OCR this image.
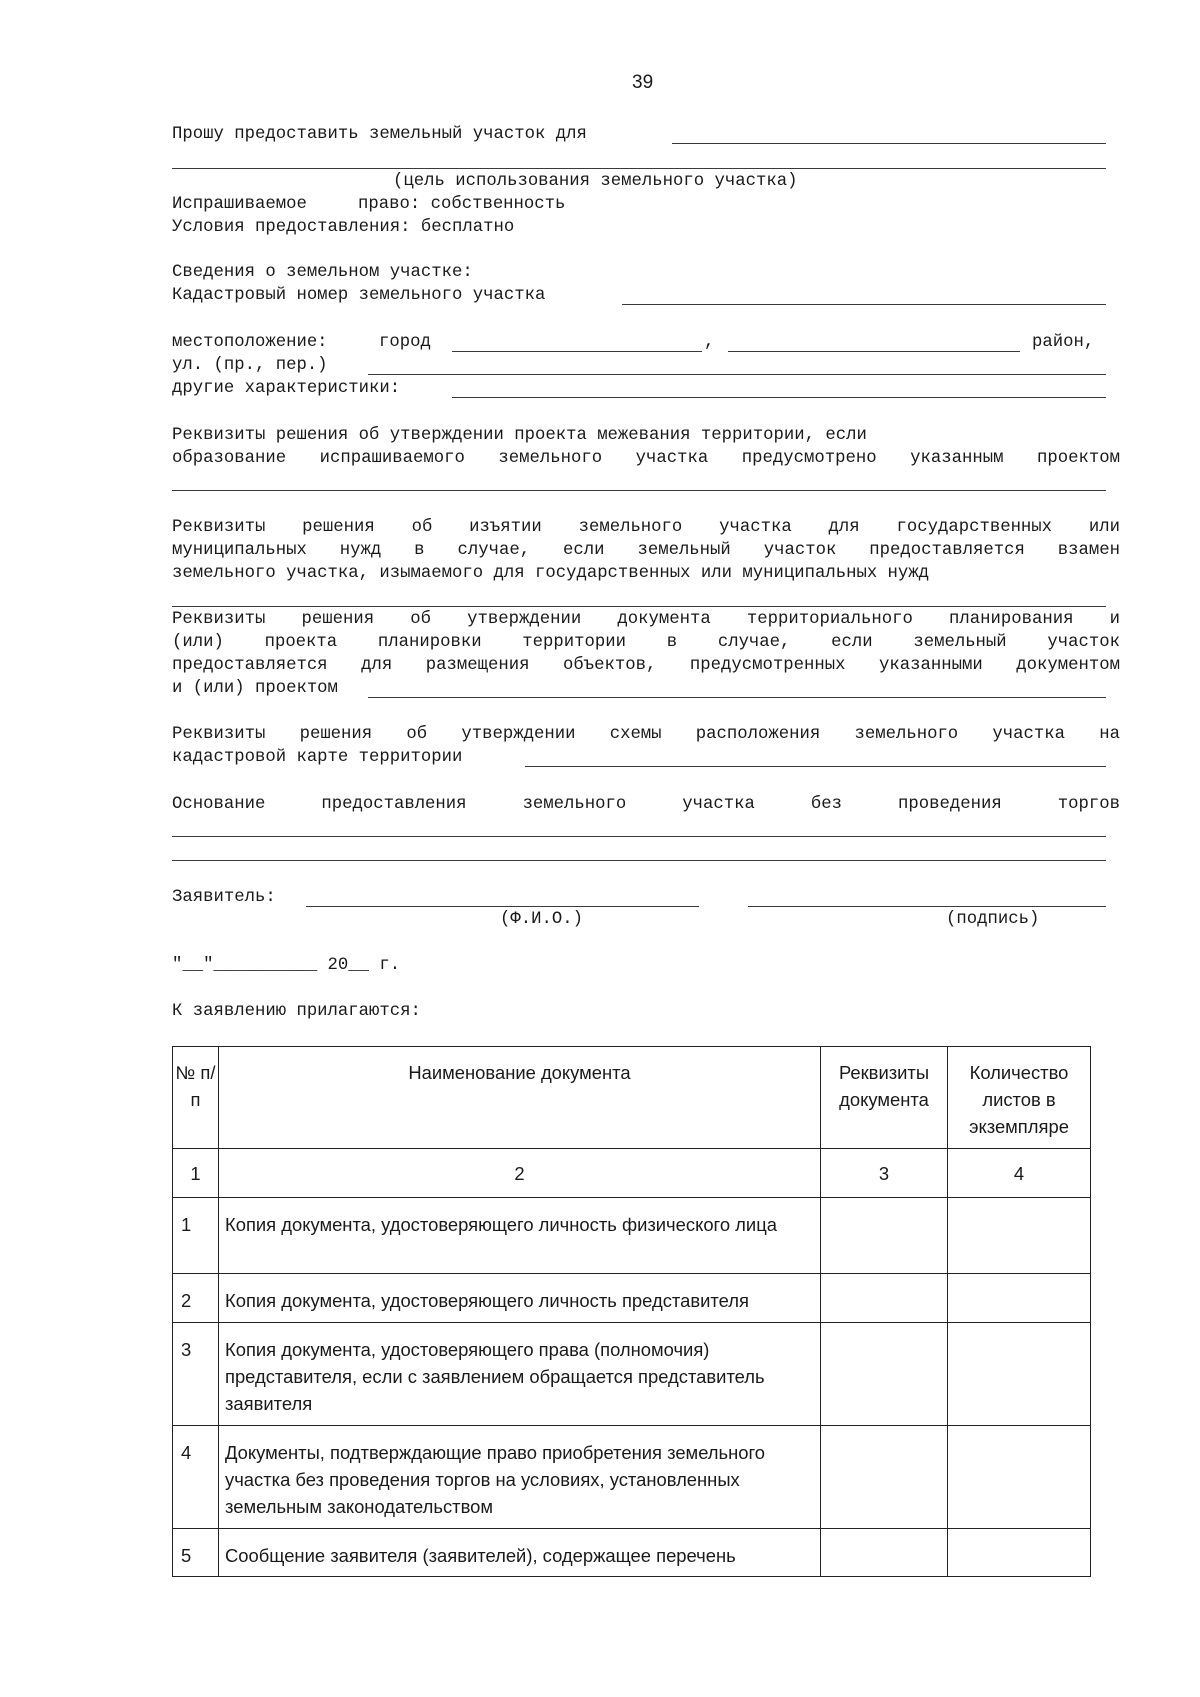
39
Прошу предоставить земельный участок для
(цель использования земельного участка)
Испрашиваемое	право: собственность
Условия предоставления: бесплатно
Сведения о земельном участке:
Кадастровый номер земельного участка
местоположение:	город	,	район,
ул. (пр., пер.)
другие характеристики:
Реквизиты решения об утверждении проекта межевания территории, если
образование испрашиваемого земельного участка предусмотрено указанным проектом
Реквизиты решения об изъятии земельного участка для государственных или
муниципальных нужд в случае, если земельный участок предоставляется взамен
земельного участка, изымаемого для государственных или муниципальных нужд
Реквизиты решения об утверждении документа территориального планирования и
(или) проекта планировки территории в случае, если земельный участок
предоставляется для размещения объектов, предусмотренных указанными документом
и (или) проектом
Реквизиты решения об утверждении схемы расположения земельного участка на
кадастровой карте территории
Основание предоставления земельного участка без проведения торгов
Заявитель:
(Ф.И.О.)	(подпись)
"__"__________ 20__ г.
К заявлению прилагаются:
№ п/п	Наименование документа	Реквизиты документа	Количество листов в экземпляре
1	2	3	4
1	Копия документа, удостоверяющего личность физического лица		
2	Копия документа, удостоверяющего личность представителя		
3	Копия документа, удостоверяющего права (полномочия) представителя, если с заявлением обращается представитель заявителя		
4	Документы, подтверждающие право приобретения земельного участка без проведения торгов на условиях, установленных земельным законодательством		
5	Сообщение заявителя (заявителей), содержащее перечень		
